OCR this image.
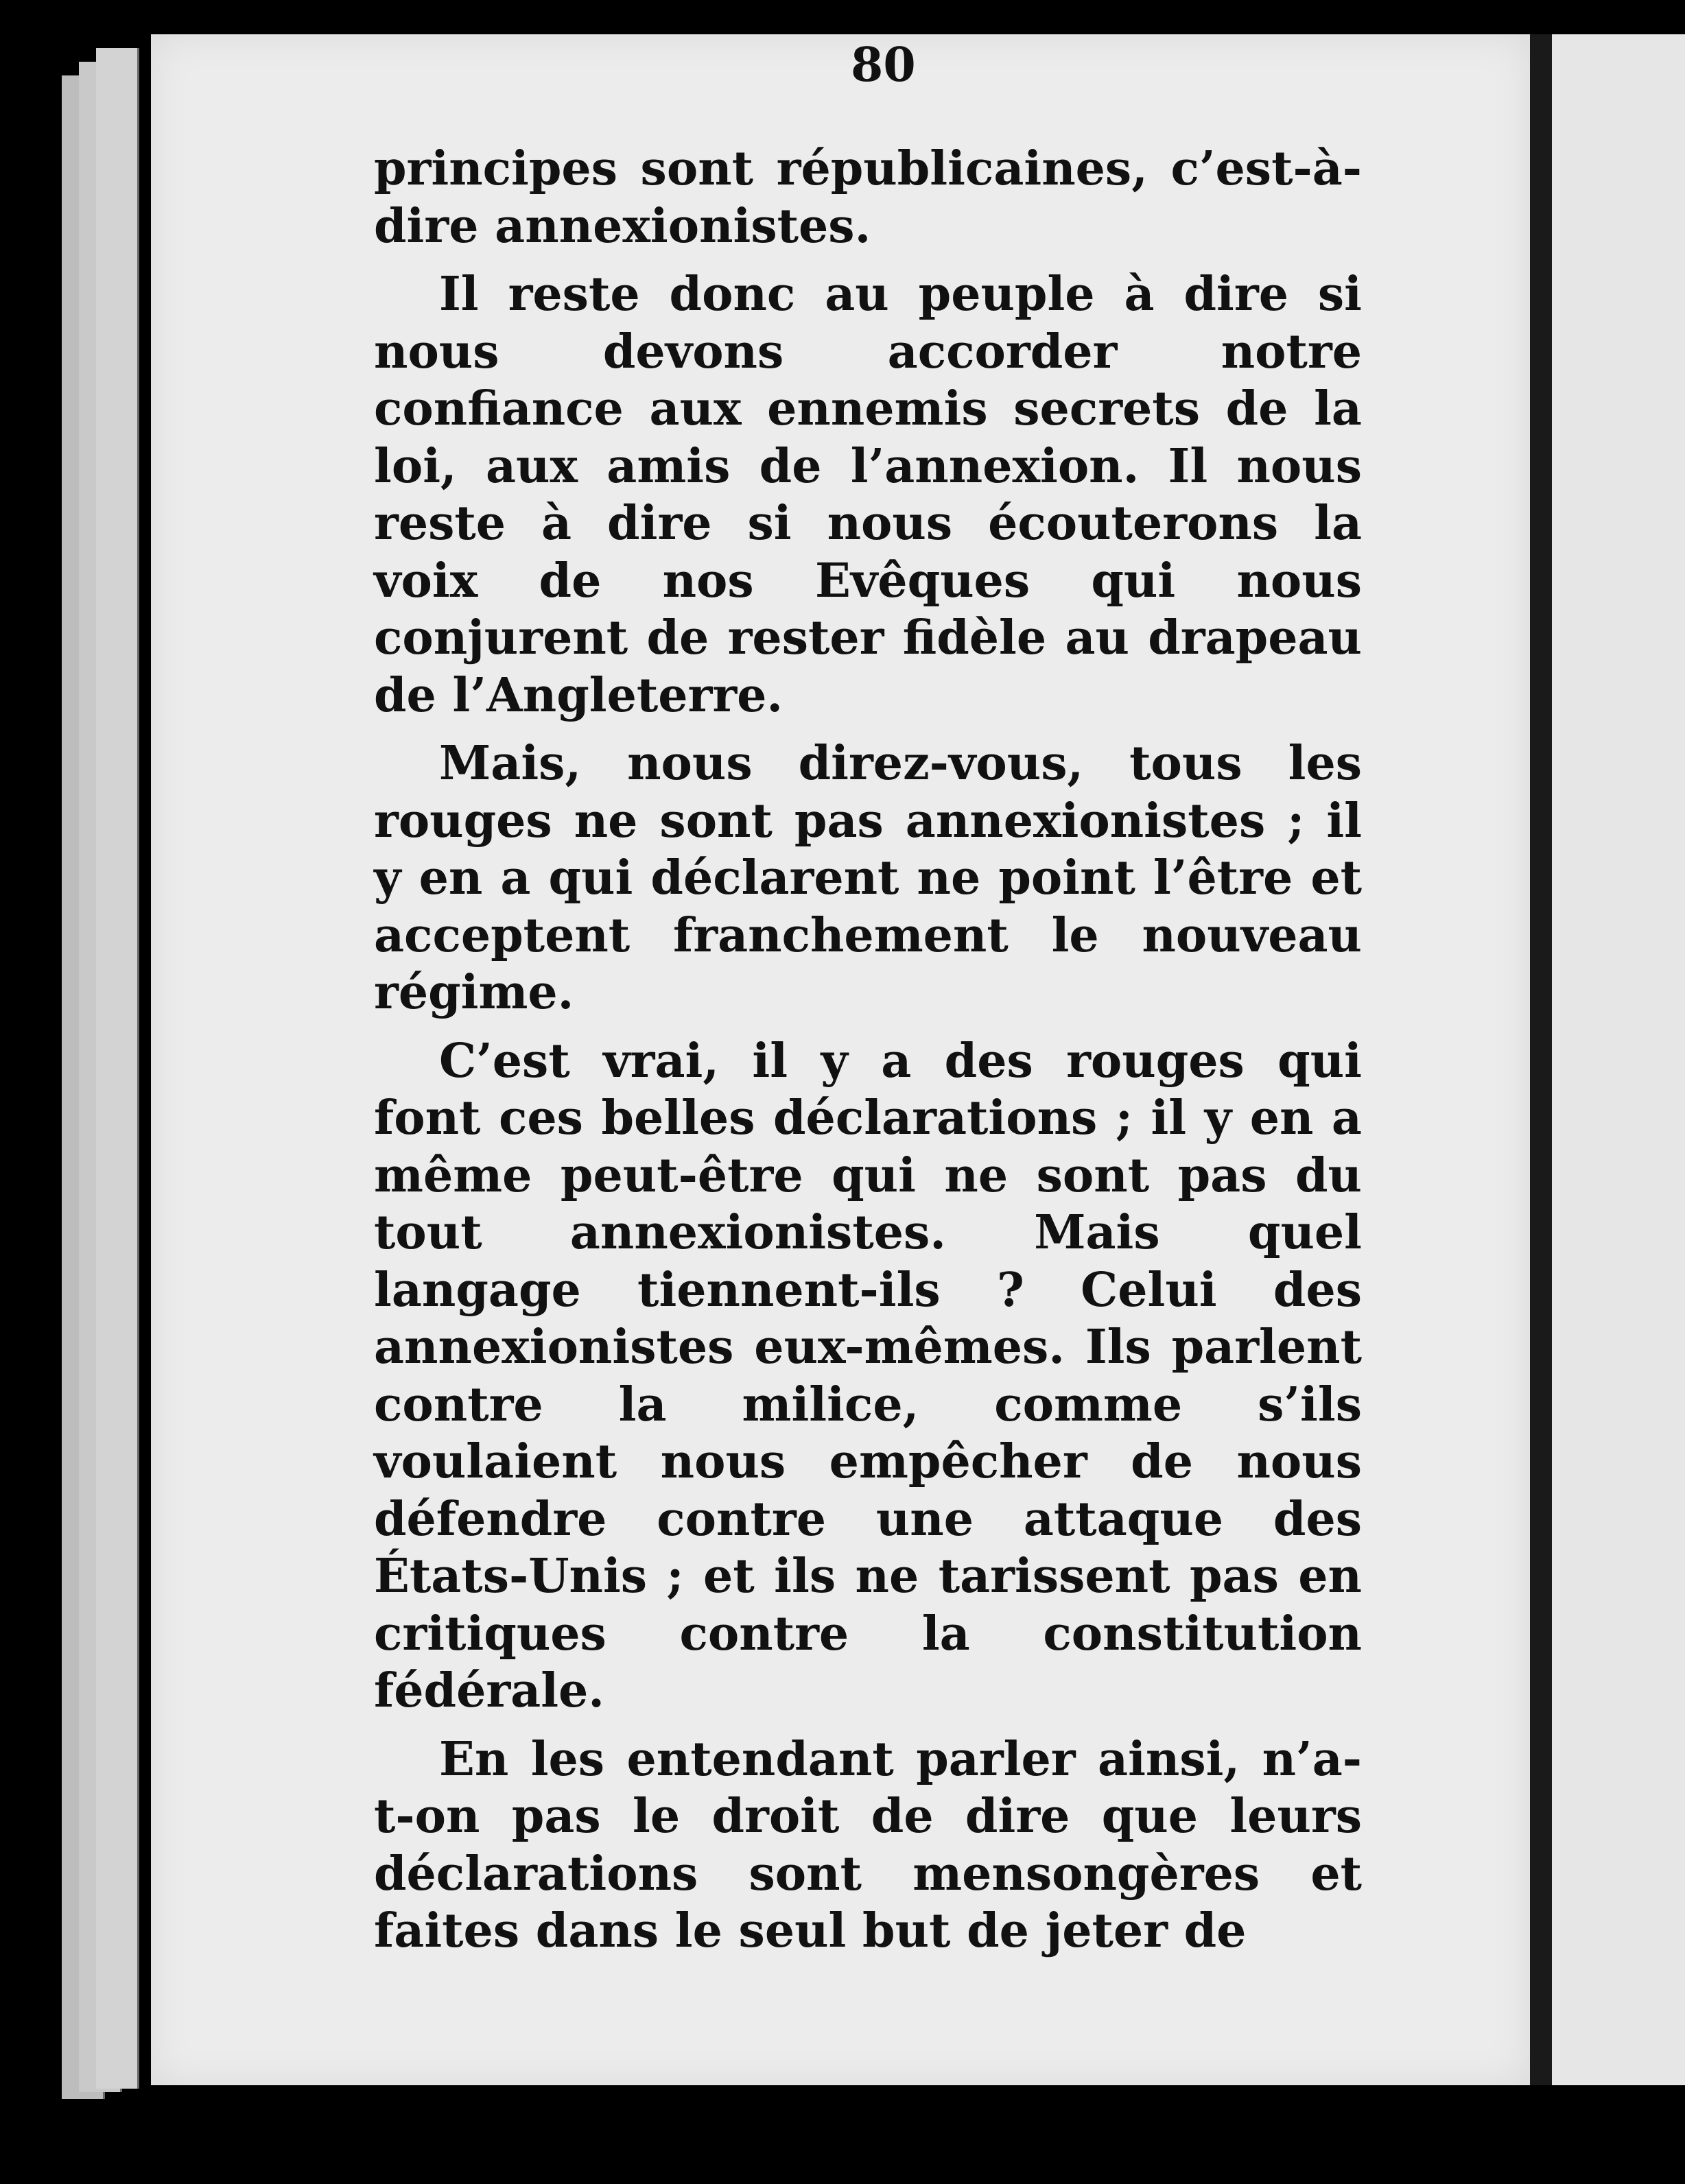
80

principes sont républicaines, c’est-à-dire annexionistes.

Il reste donc au peuple à dire si nous devons accorder notre confiance aux ennemis secrets de la loi, aux amis de l’annexion. Il nous reste à dire si nous écouterons la voix de nos Evêques qui nous conjurent de rester fidèle au drapeau de l’Angleterre.

Mais, nous direz-vous, tous les rouges ne sont pas annexionistes ; il y en a qui déclarent ne point l’être et acceptent franchement le nouveau régime.

C’est vrai, il y a des rouges qui font ces belles déclarations ; il y en a même peut-être qui ne sont pas du tout annexionistes. Mais quel langage tiennent-ils ? Celui des annexionistes eux-mêmes. Ils parlent contre la milice, comme s’ils voulaient nous empêcher de nous défendre contre une attaque des États-Unis ; et ils ne tarissent pas en critiques contre la constitution fédérale.

En les entendant parler ainsi, n’a-t-on pas le droit de dire que leurs déclarations sont mensongères et faites dans le seul but de jeter de
